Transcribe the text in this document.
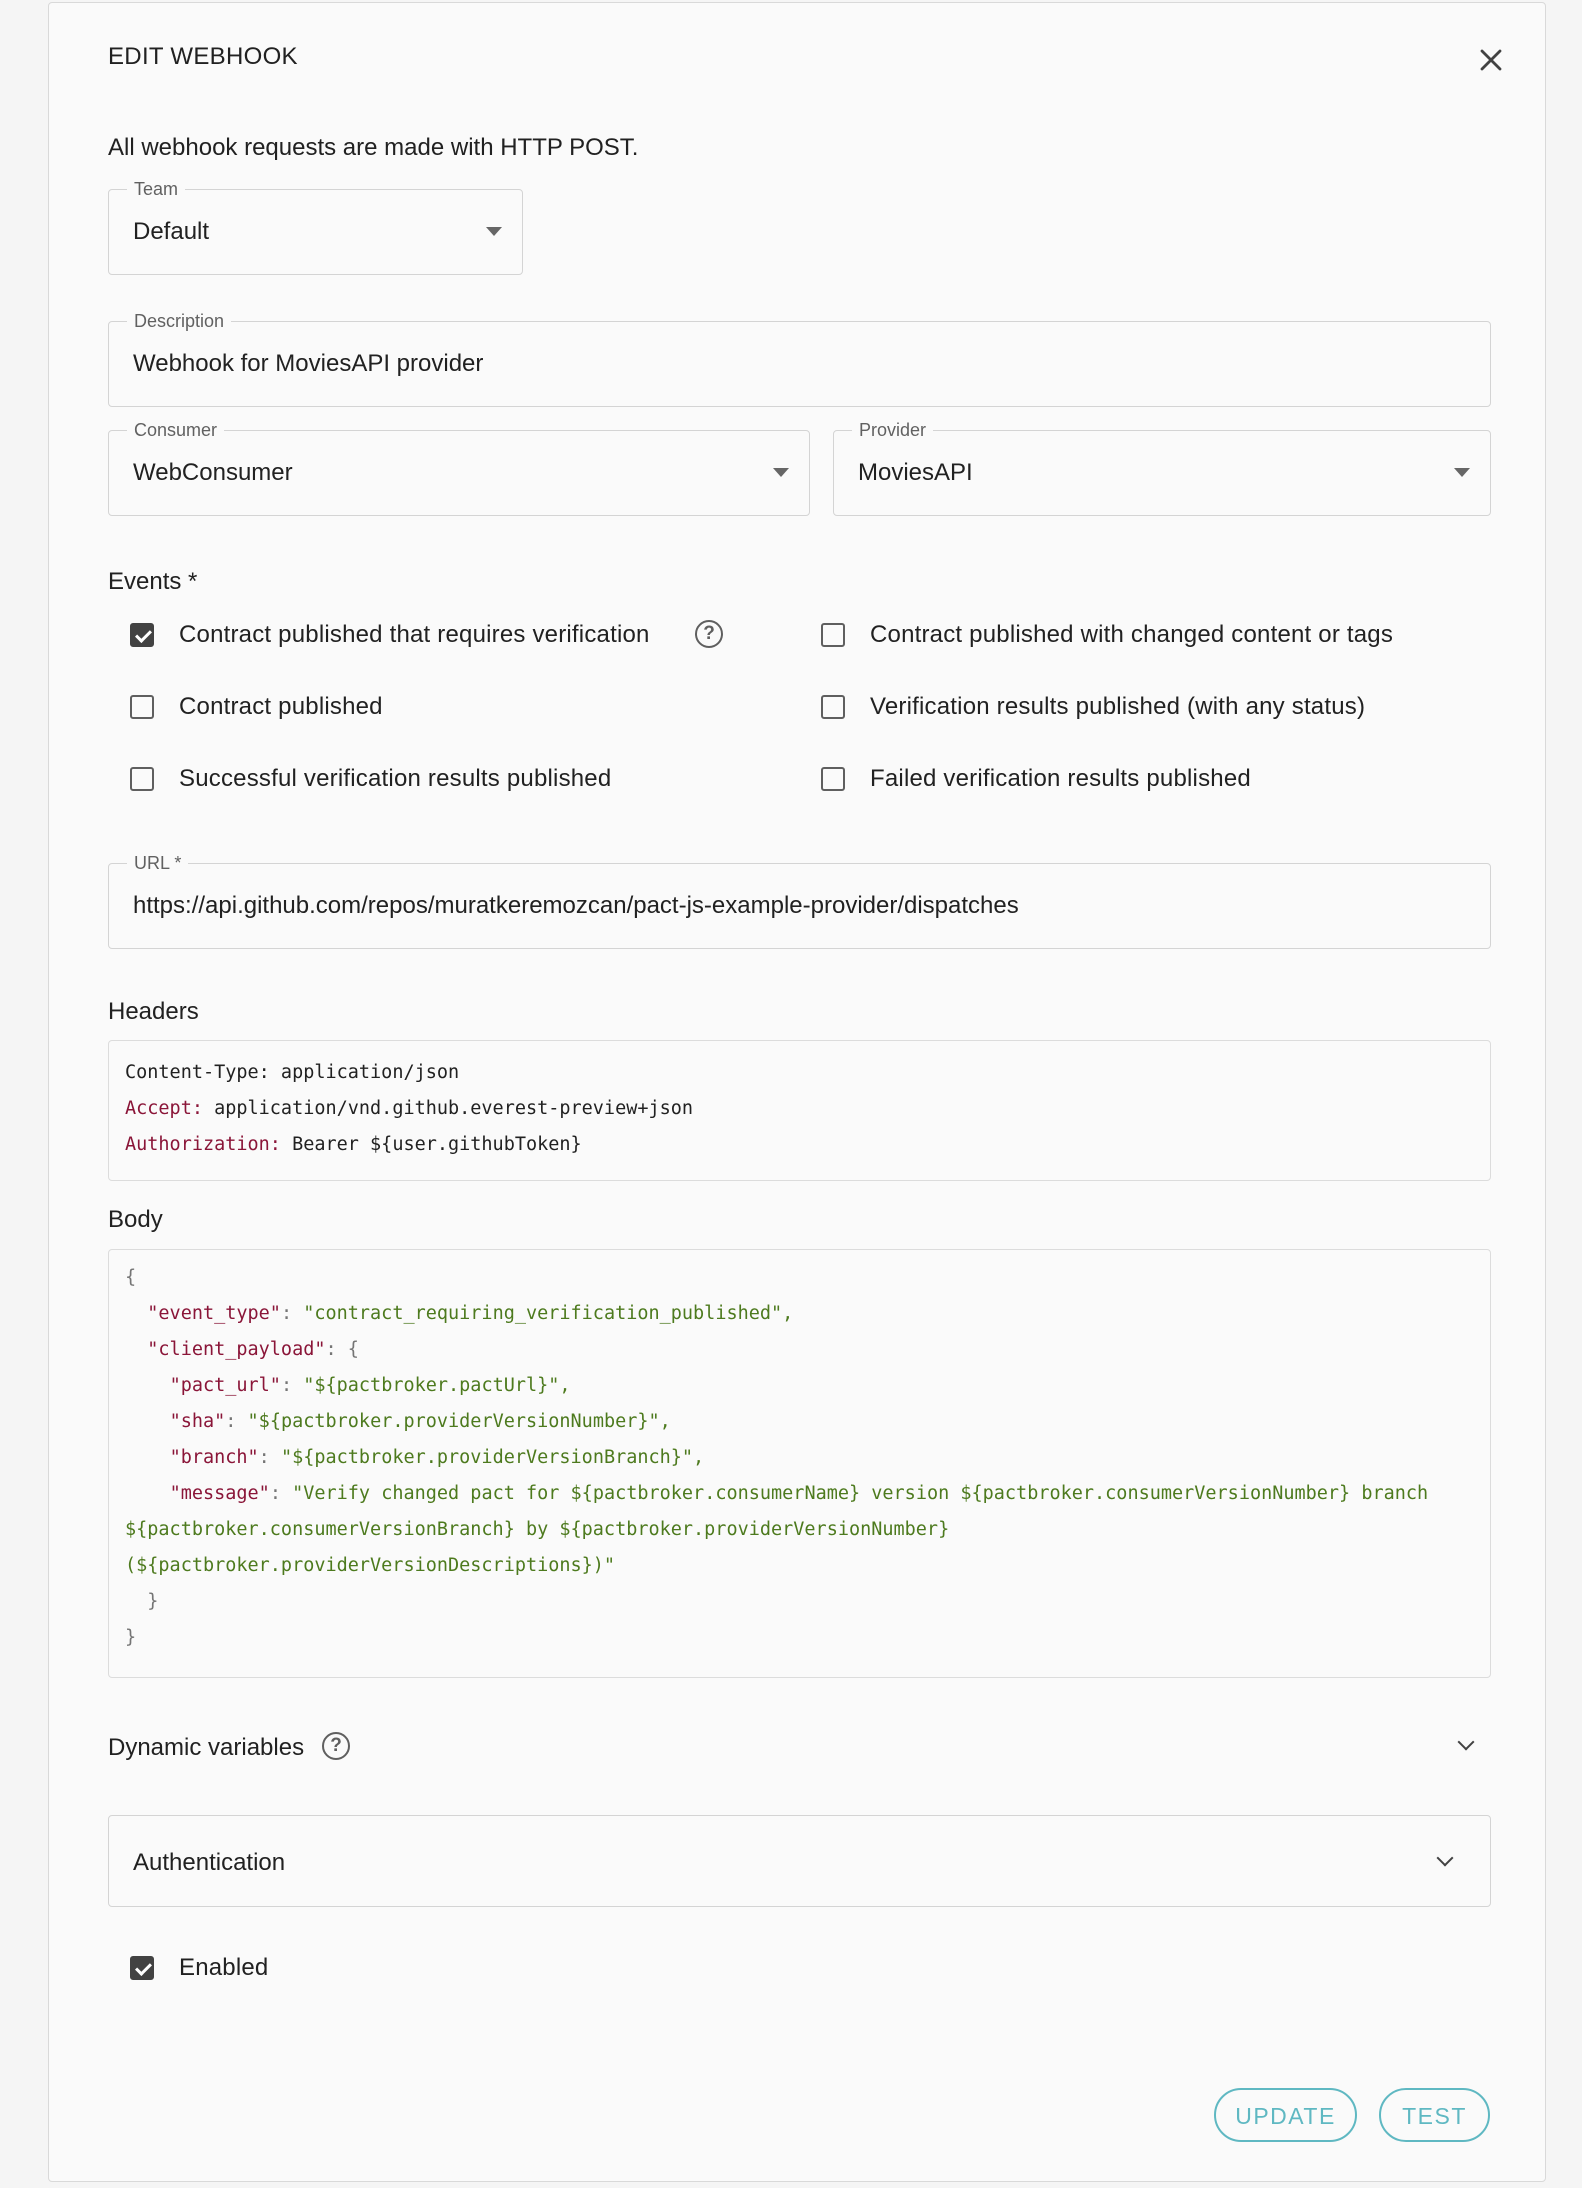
EDIT WEBHOOK
All webhook requests are made with HTTP POST.
Team
Default
Description
Webhook for MoviesAPI provider
Consumer
WebConsumer
Provider
MoviesAPI
Events *
Contract published that requires verification	?	Contract published with changed content or tags
Contract published	Verification results published (with any status)
Successful verification results published	Failed verification results published
URL *
https://api.github.com/repos/muratkeremozcan/pact-js-example-provider/dispatches
Headers
Content-Type: application/json
Accept: application/vnd.github.everest-preview+json
Authorization: Bearer ${user.githubToken}
Body
{
"event_type": "contract_requiring_verification_published",
"client_payload": {
"pact_url": "${pactbroker.pactUrl}",
"sha": "${pactbroker.providerVersionNumber}",
"branch": "${pactbroker.providerVersionBranch}",
"message": "Verify changed pact for ${pactbroker.consumerName} version ${pactbroker.consumerVersionNumber} branch
${pactbroker.consumerVersionBranch} by ${pactbroker.providerVersionNumber}
(${pactbroker.providerVersionDescriptions})"
}
}
Dynamic variables	?
Authentication
Enabled
UPDATE	TEST
